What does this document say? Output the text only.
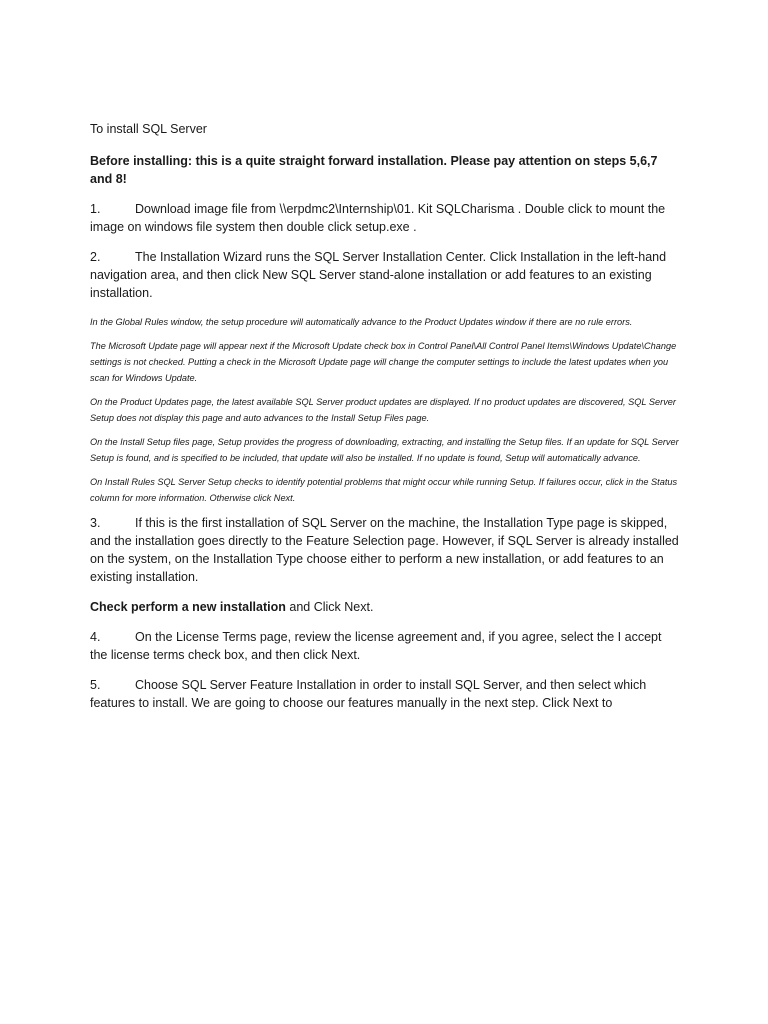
To install SQL Server

Before installing: this is a quite straight forward installation. Please pay attention on steps 5,6,7 and 8!

1.	Download image file from \\erpdmc2\Internship\01. Kit SQLCharisma . Double click to mount the image on windows file system then double click setup.exe .

2.	The Installation Wizard runs the SQL Server Installation Center. Click Installation in the left-hand navigation area, and then click New SQL Server stand-alone installation or add features to an existing installation.

In the Global Rules window, the setup procedure will automatically advance to the Product Updates window if there are no rule errors.

The Microsoft Update page will appear next if the Microsoft Update check box in Control Panel\All Control Panel Items\Windows Update\Change settings is not checked. Putting a check in the Microsoft Update page will change the computer settings to include the latest updates when you scan for Windows Update.

On the Product Updates page, the latest available SQL Server product updates are displayed. If no product updates are discovered, SQL Server Setup does not display this page and auto advances to the Install Setup Files page.

On the Install Setup files page, Setup provides the progress of downloading, extracting, and installing the Setup files. If an update for SQL Server Setup is found, and is specified to be included, that update will also be installed. If no update is found, Setup will automatically advance.

On Install Rules SQL Server Setup checks to identify potential problems that might occur while running Setup. If failures occur, click in the Status column for more information. Otherwise click Next.

3.	If this is the first installation of SQL Server on the machine, the Installation Type page is skipped, and the installation goes directly to the Feature Selection page. However, if SQL Server is already installed on the system, on the Installation Type choose either to perform a new installation, or add features to an existing installation.

Check perform a new installation and Click Next.

4.	On the License Terms page, review the license agreement and, if you agree, select the I accept the license terms check box, and then click Next.

5.	Choose SQL Server Feature Installation in order to install SQL Server, and then select which features to install. We are going to choose our features manually in the next step. Click Next to
